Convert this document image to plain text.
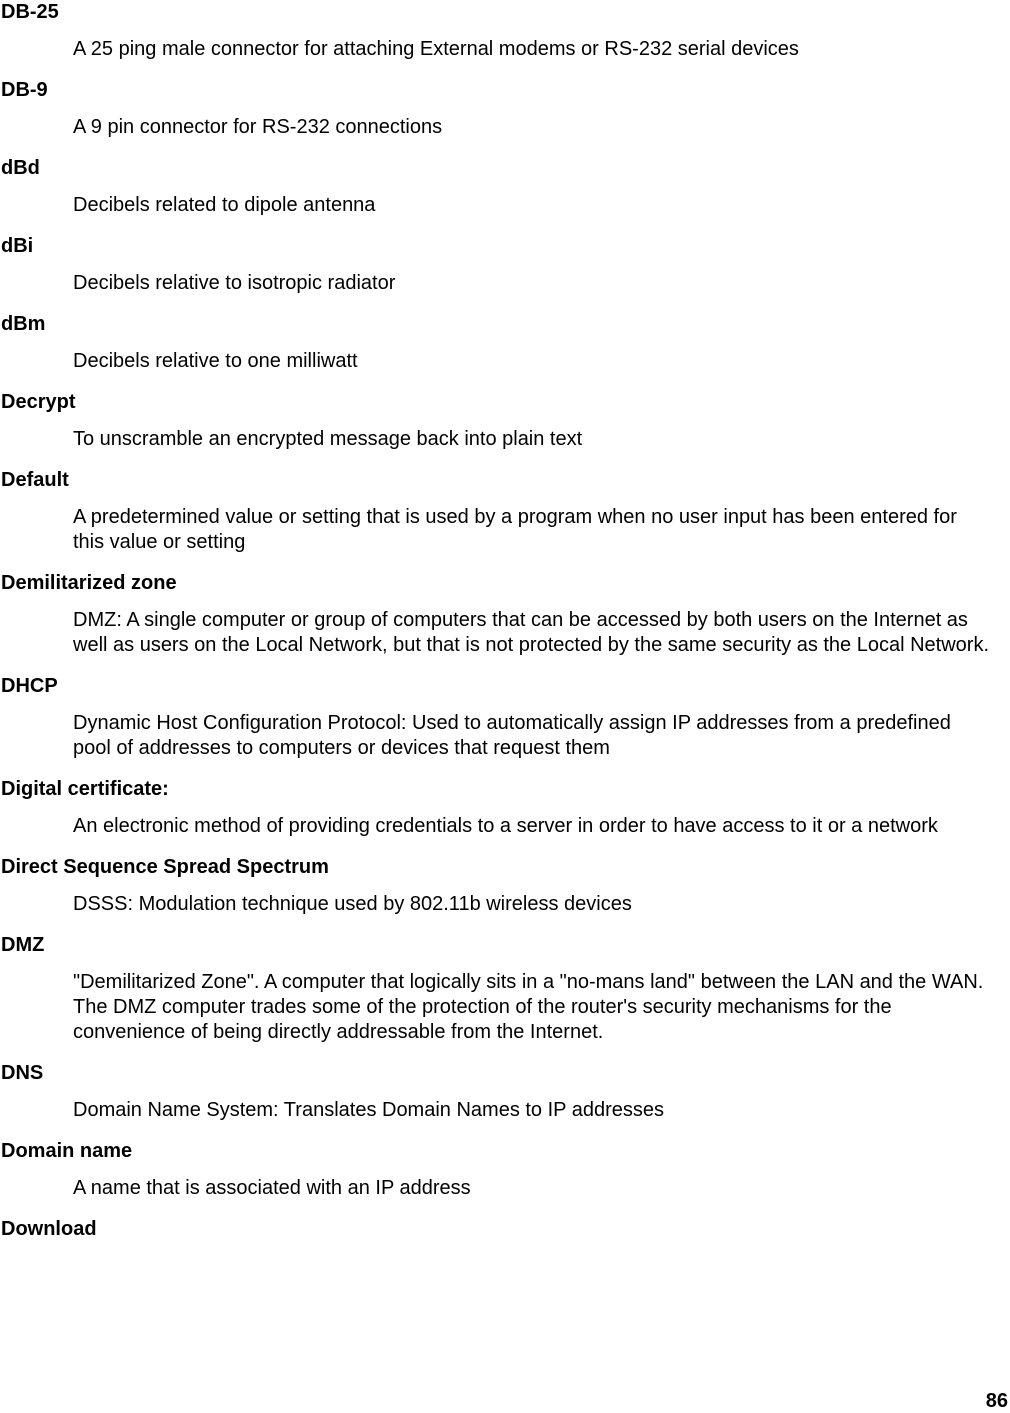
DB-25
A 25 ping male connector for attaching External modems or RS-232 serial devices
DB-9
A 9 pin connector for RS-232 connections
dBd
Decibels related to dipole antenna
dBi
Decibels relative to isotropic radiator
dBm
Decibels relative to one milliwatt
Decrypt
To unscramble an encrypted message back into plain text
Default
A predetermined value or setting that is used by a program when no user input has been entered for this value or setting
Demilitarized zone
DMZ: A single computer or group of computers that can be accessed by both users on the Internet as well as users on the Local Network, but that is not protected by the same security as the Local Network.
DHCP
Dynamic Host Configuration Protocol: Used to automatically assign IP addresses from a predefined pool of addresses to computers or devices that request them
Digital certificate:
An electronic method of providing credentials to a server in order to have access to it or a network
Direct Sequence Spread Spectrum
DSSS: Modulation technique used by 802.11b wireless devices
DMZ
"Demilitarized Zone". A computer that logically sits in a "no-mans land" between the LAN and the WAN. The DMZ computer trades some of the protection of the router's security mechanisms for the convenience of being directly addressable from the Internet.
DNS
Domain Name System: Translates Domain Names to IP addresses
Domain name
A name that is associated with an IP address
Download
86
